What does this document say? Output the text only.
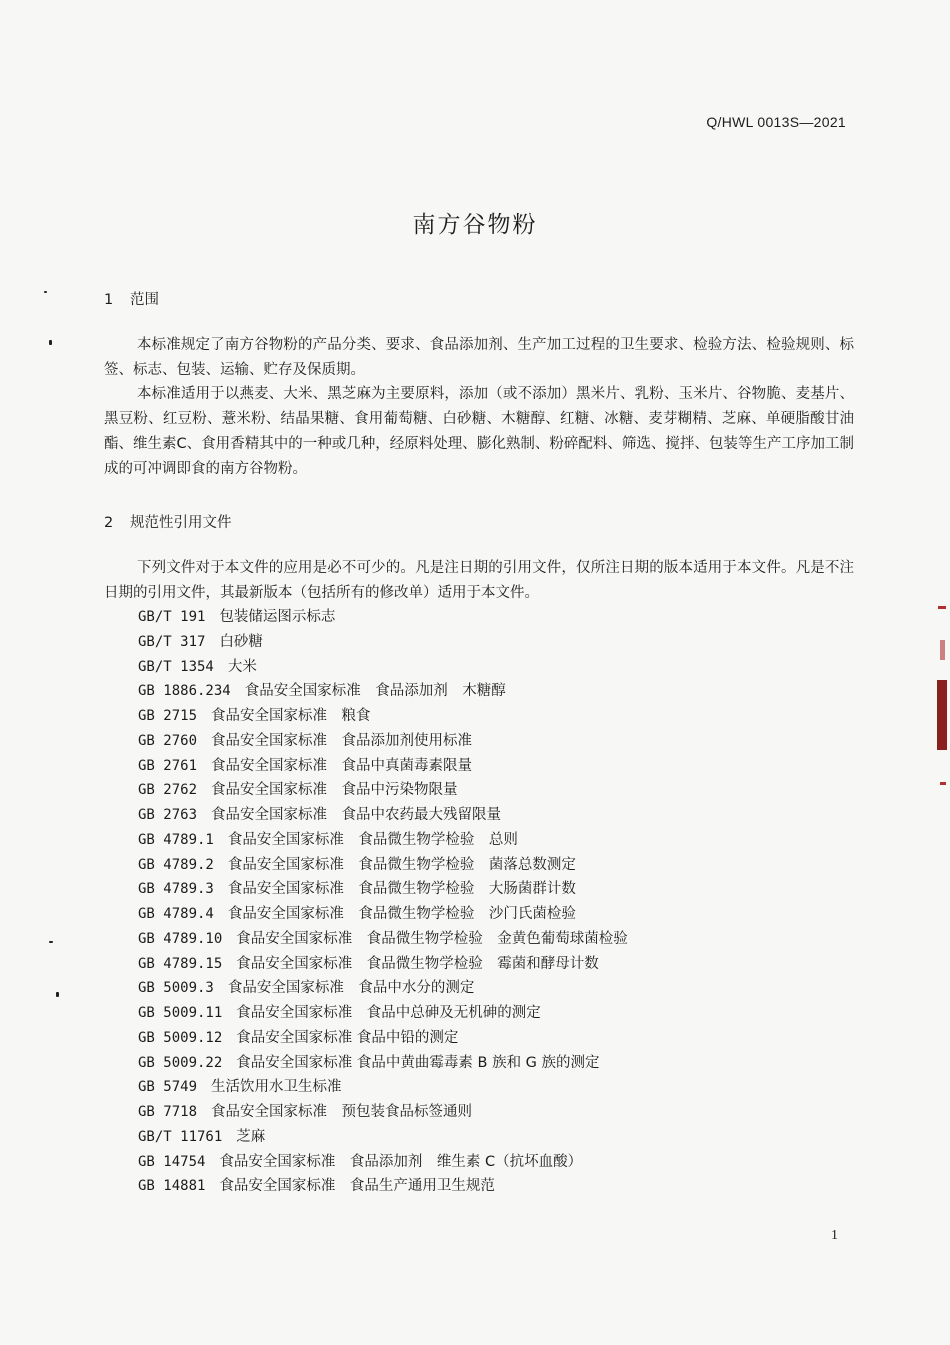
Q/HWL 0013S—2021
南方谷物粉
1 范围

本标准规定了南方谷物粉的产品分类、要求、食品添加剂、生产加工过程的卫生要求、检验方法、检验规则、标签、标志、包装、运输、贮存及保质期。

本标准适用于以燕麦、大米、黑芝麻为主要原料，添加（或不添加）黑米片、乳粉、玉米片、谷物脆、麦基片、黑豆粉、红豆粉、薏米粉、结晶果糖、食用葡萄糖、白砂糖、木糖醇、红糖、冰糖、麦芽糊精、芝麻、单硬脂酸甘油酯、维生素C、食用香精其中的一种或几种，经原料处理、膨化熟制、粉碎配料、筛选、搅拌、包装等生产工序加工制成的可冲调即食的南方谷物粉。

2 规范性引用文件

下列文件对于本文件的应用是必不可少的。凡是注日期的引用文件，仅所注日期的版本适用于本文件。凡是不注日期的引用文件，其最新版本（包括所有的修改单）适用于本文件。

GB/T 191 包装储运图示标志
GB/T 317 白砂糖
GB/T 1354 大米
GB 1886.234 食品安全国家标准　食品添加剂　木糖醇
GB 2715 食品安全国家标准　粮食
GB 2760 食品安全国家标准　食品添加剂使用标准
GB 2761 食品安全国家标准　食品中真菌毒素限量
GB 2762 食品安全国家标准　食品中污染物限量
GB 2763 食品安全国家标准　食品中农药最大残留限量
GB 4789.1 食品安全国家标准　食品微生物学检验　总则
GB 4789.2 食品安全国家标准　食品微生物学检验　菌落总数测定
GB 4789.3 食品安全国家标准　食品微生物学检验　大肠菌群计数
GB 4789.4 食品安全国家标准　食品微生物学检验　沙门氏菌检验
GB 4789.10 食品安全国家标准　食品微生物学检验　金黄色葡萄球菌检验
GB 4789.15 食品安全国家标准　食品微生物学检验　霉菌和酵母计数
GB 5009.3 食品安全国家标准　食品中水分的测定
GB 5009.11 食品安全国家标准　食品中总砷及无机砷的测定
GB 5009.12 食品安全国家标准 食品中铅的测定
GB 5009.22 食品安全国家标准 食品中黄曲霉毒素 B 族和 G 族的测定
GB 5749 生活饮用水卫生标准
GB 7718 食品安全国家标准　预包装食品标签通则
GB/T 11761 芝麻
GB 14754 食品安全国家标准　食品添加剂　维生素 C（抗坏血酸）
GB 14881 食品安全国家标准　食品生产通用卫生规范
1
